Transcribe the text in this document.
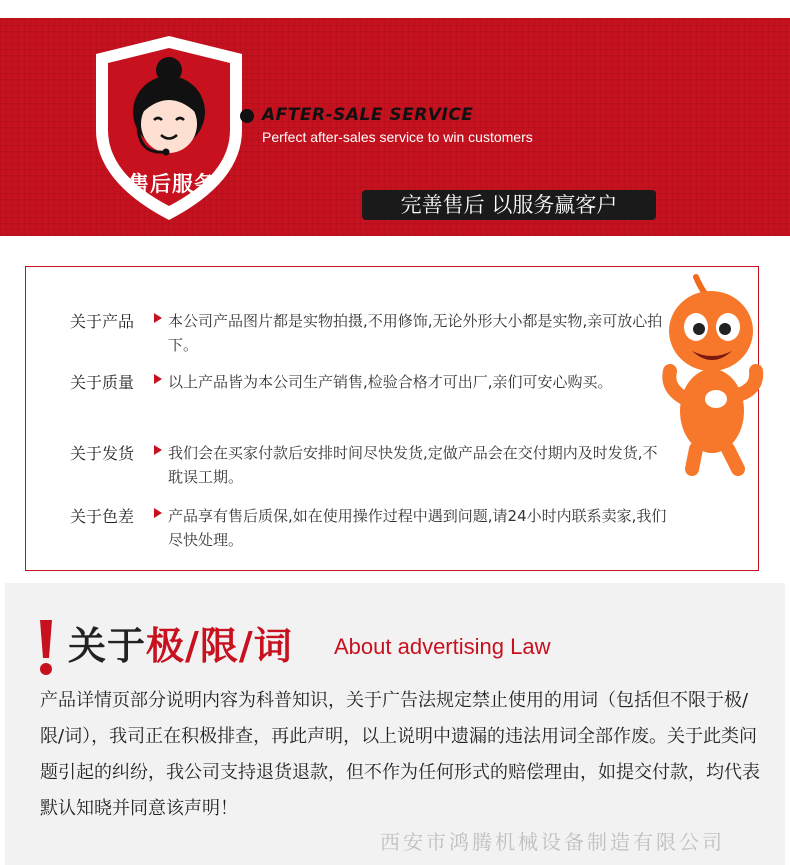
售后服务
AFTER-SALE SERVICE
Perfect after-sales service to win customers
完善售后 以服务赢客户
关于产品 本公司产品图片都是实物拍摄,不用修饰,无论外形大小都是实物,亲可放心拍下。
关于质量 以上产品皆为本公司生产销售,检验合格才可出厂,亲们可安心购买。
关于发货 我们会在买家付款后安排时间尽快发货,定做产品会在交付期内及时发货,不耽误工期。
关于色差 产品享有售后质保,如在使用操作过程中遇到问题,请24小时内联系卖家,我们尽快处理。
关于极/限/词 About advertising Law
产品详情页部分说明内容为科普知识，关于广告法规定禁止使用的用词（包括但不限于极/限/词），我司正在积极排查，再此声明，以上说明中遗漏的违法用词全部作废。关于此类问题引起的纠纷，我公司支持退货退款，但不作为任何形式的赔偿理由，如提交付款，均代表默认知晓并同意该声明！
西安市鸿腾机械设备制造有限公司
